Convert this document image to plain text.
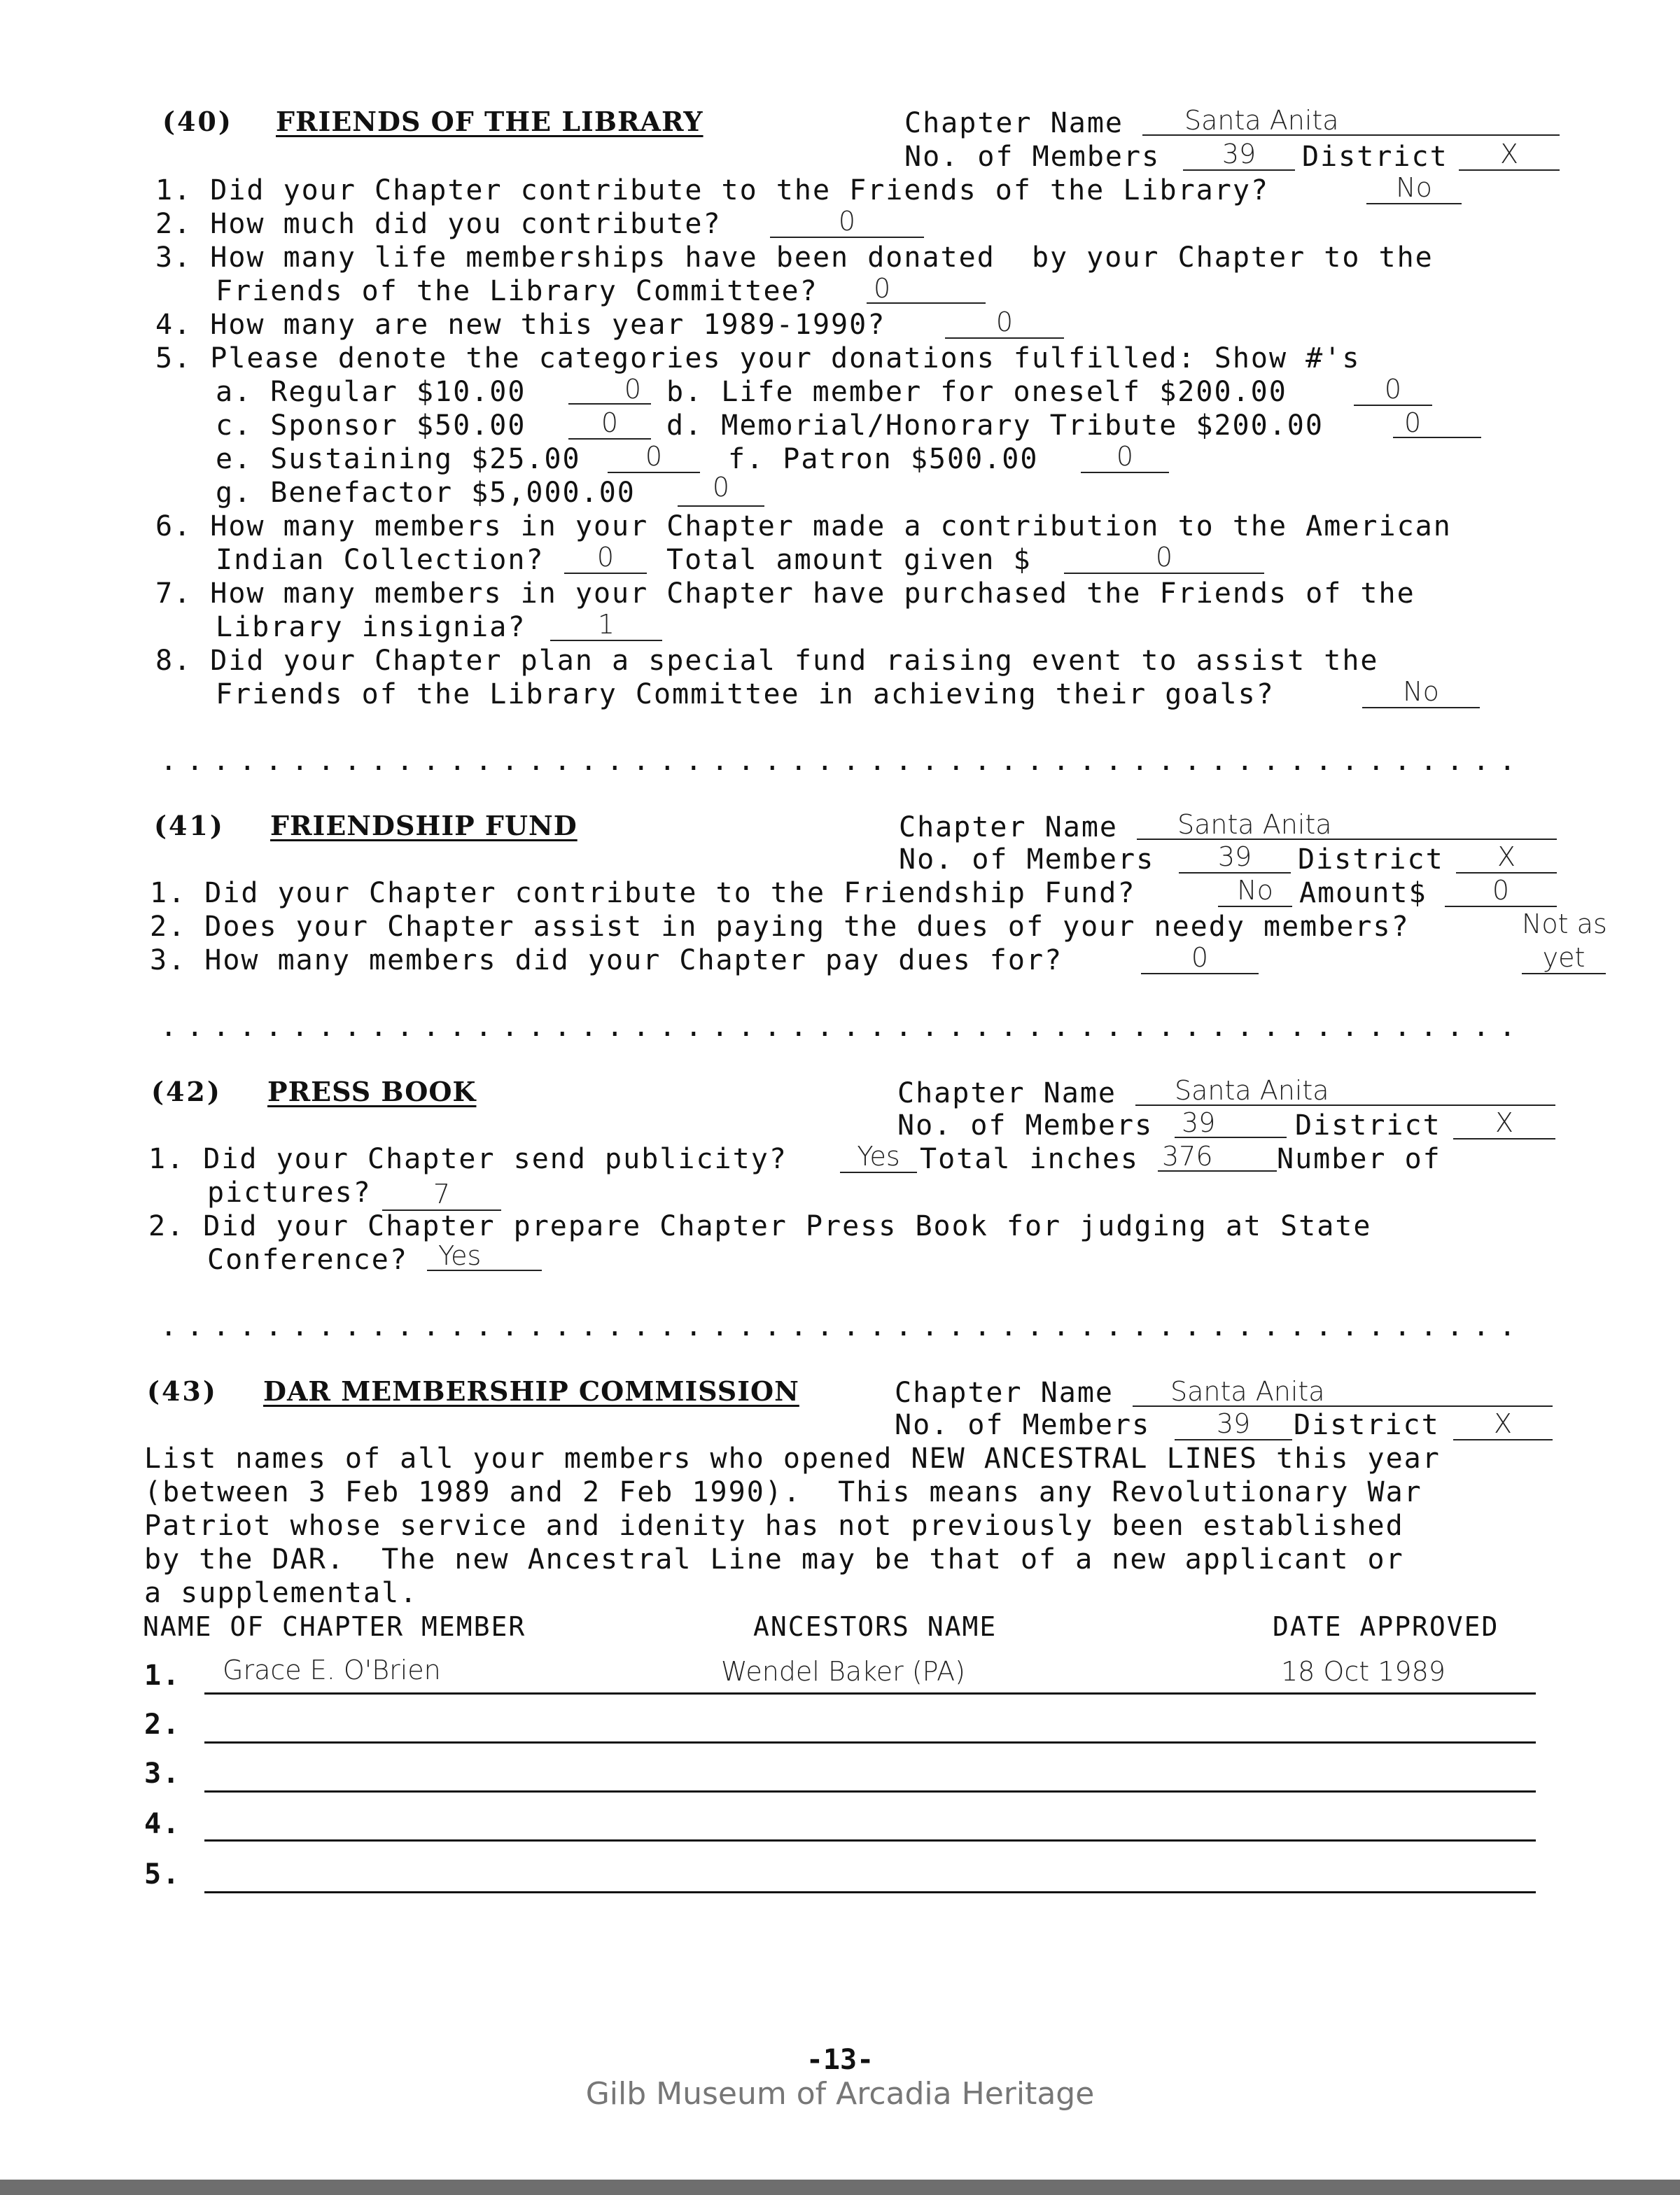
(40) FRIENDS OF THE LIBRARY	Chapter Name	Santa Anita
No. of Members	39	District	X
1. Did your Chapter contribute to the Friends of the Library?	No
2. How much did you contribute?	0
3. How many life memberships have been donated  by your Chapter to the
Friends of the Library Committee? 0
4. How many are new this year 1989-1990?	0
5. Please denote the categories your donations fulfilled: Show #'s
a. Regular $10.00	0 b. Life member for oneself $200.00	0
c. Sponsor $50.00	0	d. Memorial/Honorary Tribute $200.00	0
e. Sustaining $25.00	0	f. Patron $500.00	0
g. Benefactor $5,000.00	0
6. How many members in your Chapter made a contribution to the American
Indian Collection?	0	Total amount given $	0
7. How many members in your Chapter have purchased the Friends of the
Library insignia?	1
8. Did your Chapter plan a special fund raising event to assist the
Friends of the Library Committee in achieving their goals?	No
. . . . . . . . . . . . . . . . . . . . . . . . . . . . . . . . . . . . . . . . . . . . . . . . . . . .
(41) FRIENDSHIP FUND	Chapter Name	Santa Anita
No. of Members	39	District	X
1. Did your Chapter contribute to the Friendship Fund?	No Amount$	0
2. Does your Chapter assist in paying the dues of your needy members?	Not as
yet
3. How many members did your Chapter pay dues for?	0
. . . . . . . . . . . . . . . . . . . . . . . . . . . . . . . . . . . . . . . . . . . . . . . . . . . .
(42) PRESS BOOK	Chapter Name	Santa Anita
No. of Members 39	District	X
1. Did your Chapter send publicity?	Yes Total inches 376	Number of
pictures?	7
2. Did your Chapter prepare Chapter Press Book for judging at State
Conference?	Yes
. . . . . . . . . . . . . . . . . . . . . . . . . . . . . . . . . . . . . . . . . . . . . . . . . . . .
(43) DAR MEMBERSHIP COMMISSION	Chapter Name	Santa Anita
No. of Members	39	District	X
List names of all your members who opened NEW ANCESTRAL LINES this year
(between 3 Feb 1989 and 2 Feb 1990).  This means any Revolutionary War
Patriot whose service and idenity has not previously been established
by the DAR.  The new Ancestral Line may be that of a new applicant or
a supplemental.
NAME OF CHAPTER MEMBER	ANCESTORS NAME	DATE APPROVED
1. Grace E. O'Brien	Wendel Baker (PA)	18 Oct 1989
2.
3.
4.
5.
-13-
Gilb Museum of Arcadia Heritage
